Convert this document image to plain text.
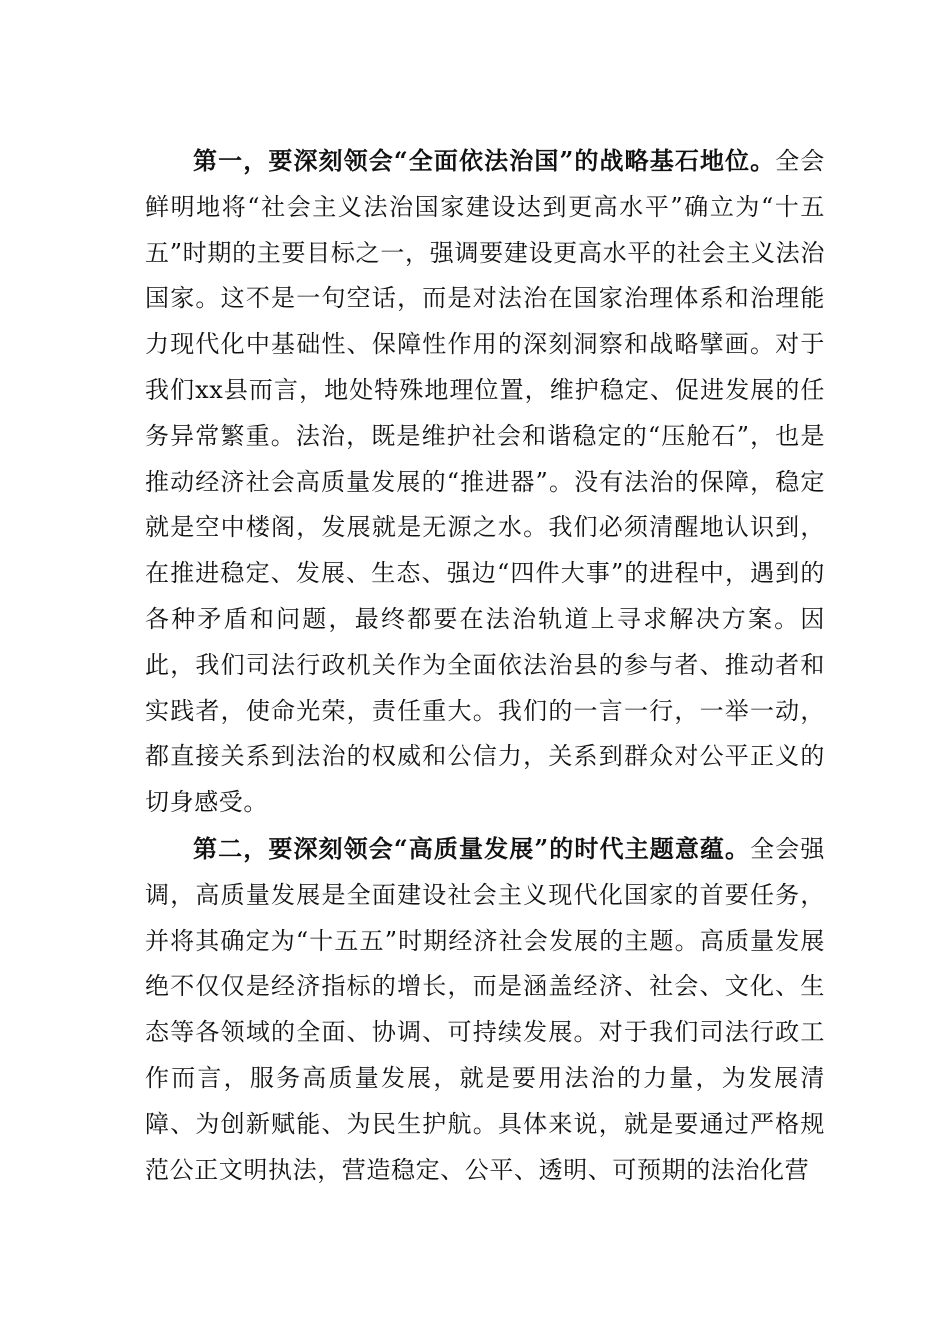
第一，要深刻领会“全面依法治国”的战略基石地位。全会鲜明地将“社会主义法治国家建设达到更高水平”确立为“十五五”时期的主要目标之一，强调要建设更高水平的社会主义法治国家。这不是一句空话，而是对法治在国家治理体系和治理能力现代化中基础性、保障性作用的深刻洞察和战略擘画。对于我们xx县而言，地处特殊地理位置，维护稳定、促进发展的任务异常繁重。法治，既是维护社会和谐稳定的“压舱石”，也是推动经济社会高质量发展的“推进器”。没有法治的保障，稳定就是空中楼阁，发展就是无源之水。我们必须清醒地认识到，在推进稳定、发展、生态、强边“四件大事”的进程中，遇到的各种矛盾和问题，最终都要在法治轨道上寻求解决方案。因此，我们司法行政机关作为全面依法治县的参与者、推动者和实践者，使命光荣，责任重大。我们的一言一行，一举一动，都直接关系到法治的权威和公信力，关系到群众对公平正义的切身感受。

第二，要深刻领会“高质量发展”的时代主题意蕴。全会强调，高质量发展是全面建设社会主义现代化国家的首要任务，并将其确定为“十五五”时期经济社会发展的主题。高质量发展绝不仅仅是经济指标的增长，而是涵盖经济、社会、文化、生态等各领域的全面、协调、可持续发展。对于我们司法行政工作而言，服务高质量发展，就是要用法治的力量，为发展清障、为创新赋能、为民生护航。具体来说，就是要通过严格规范公正文明执法，营造稳定、公平、透明、可预期的法治化营
